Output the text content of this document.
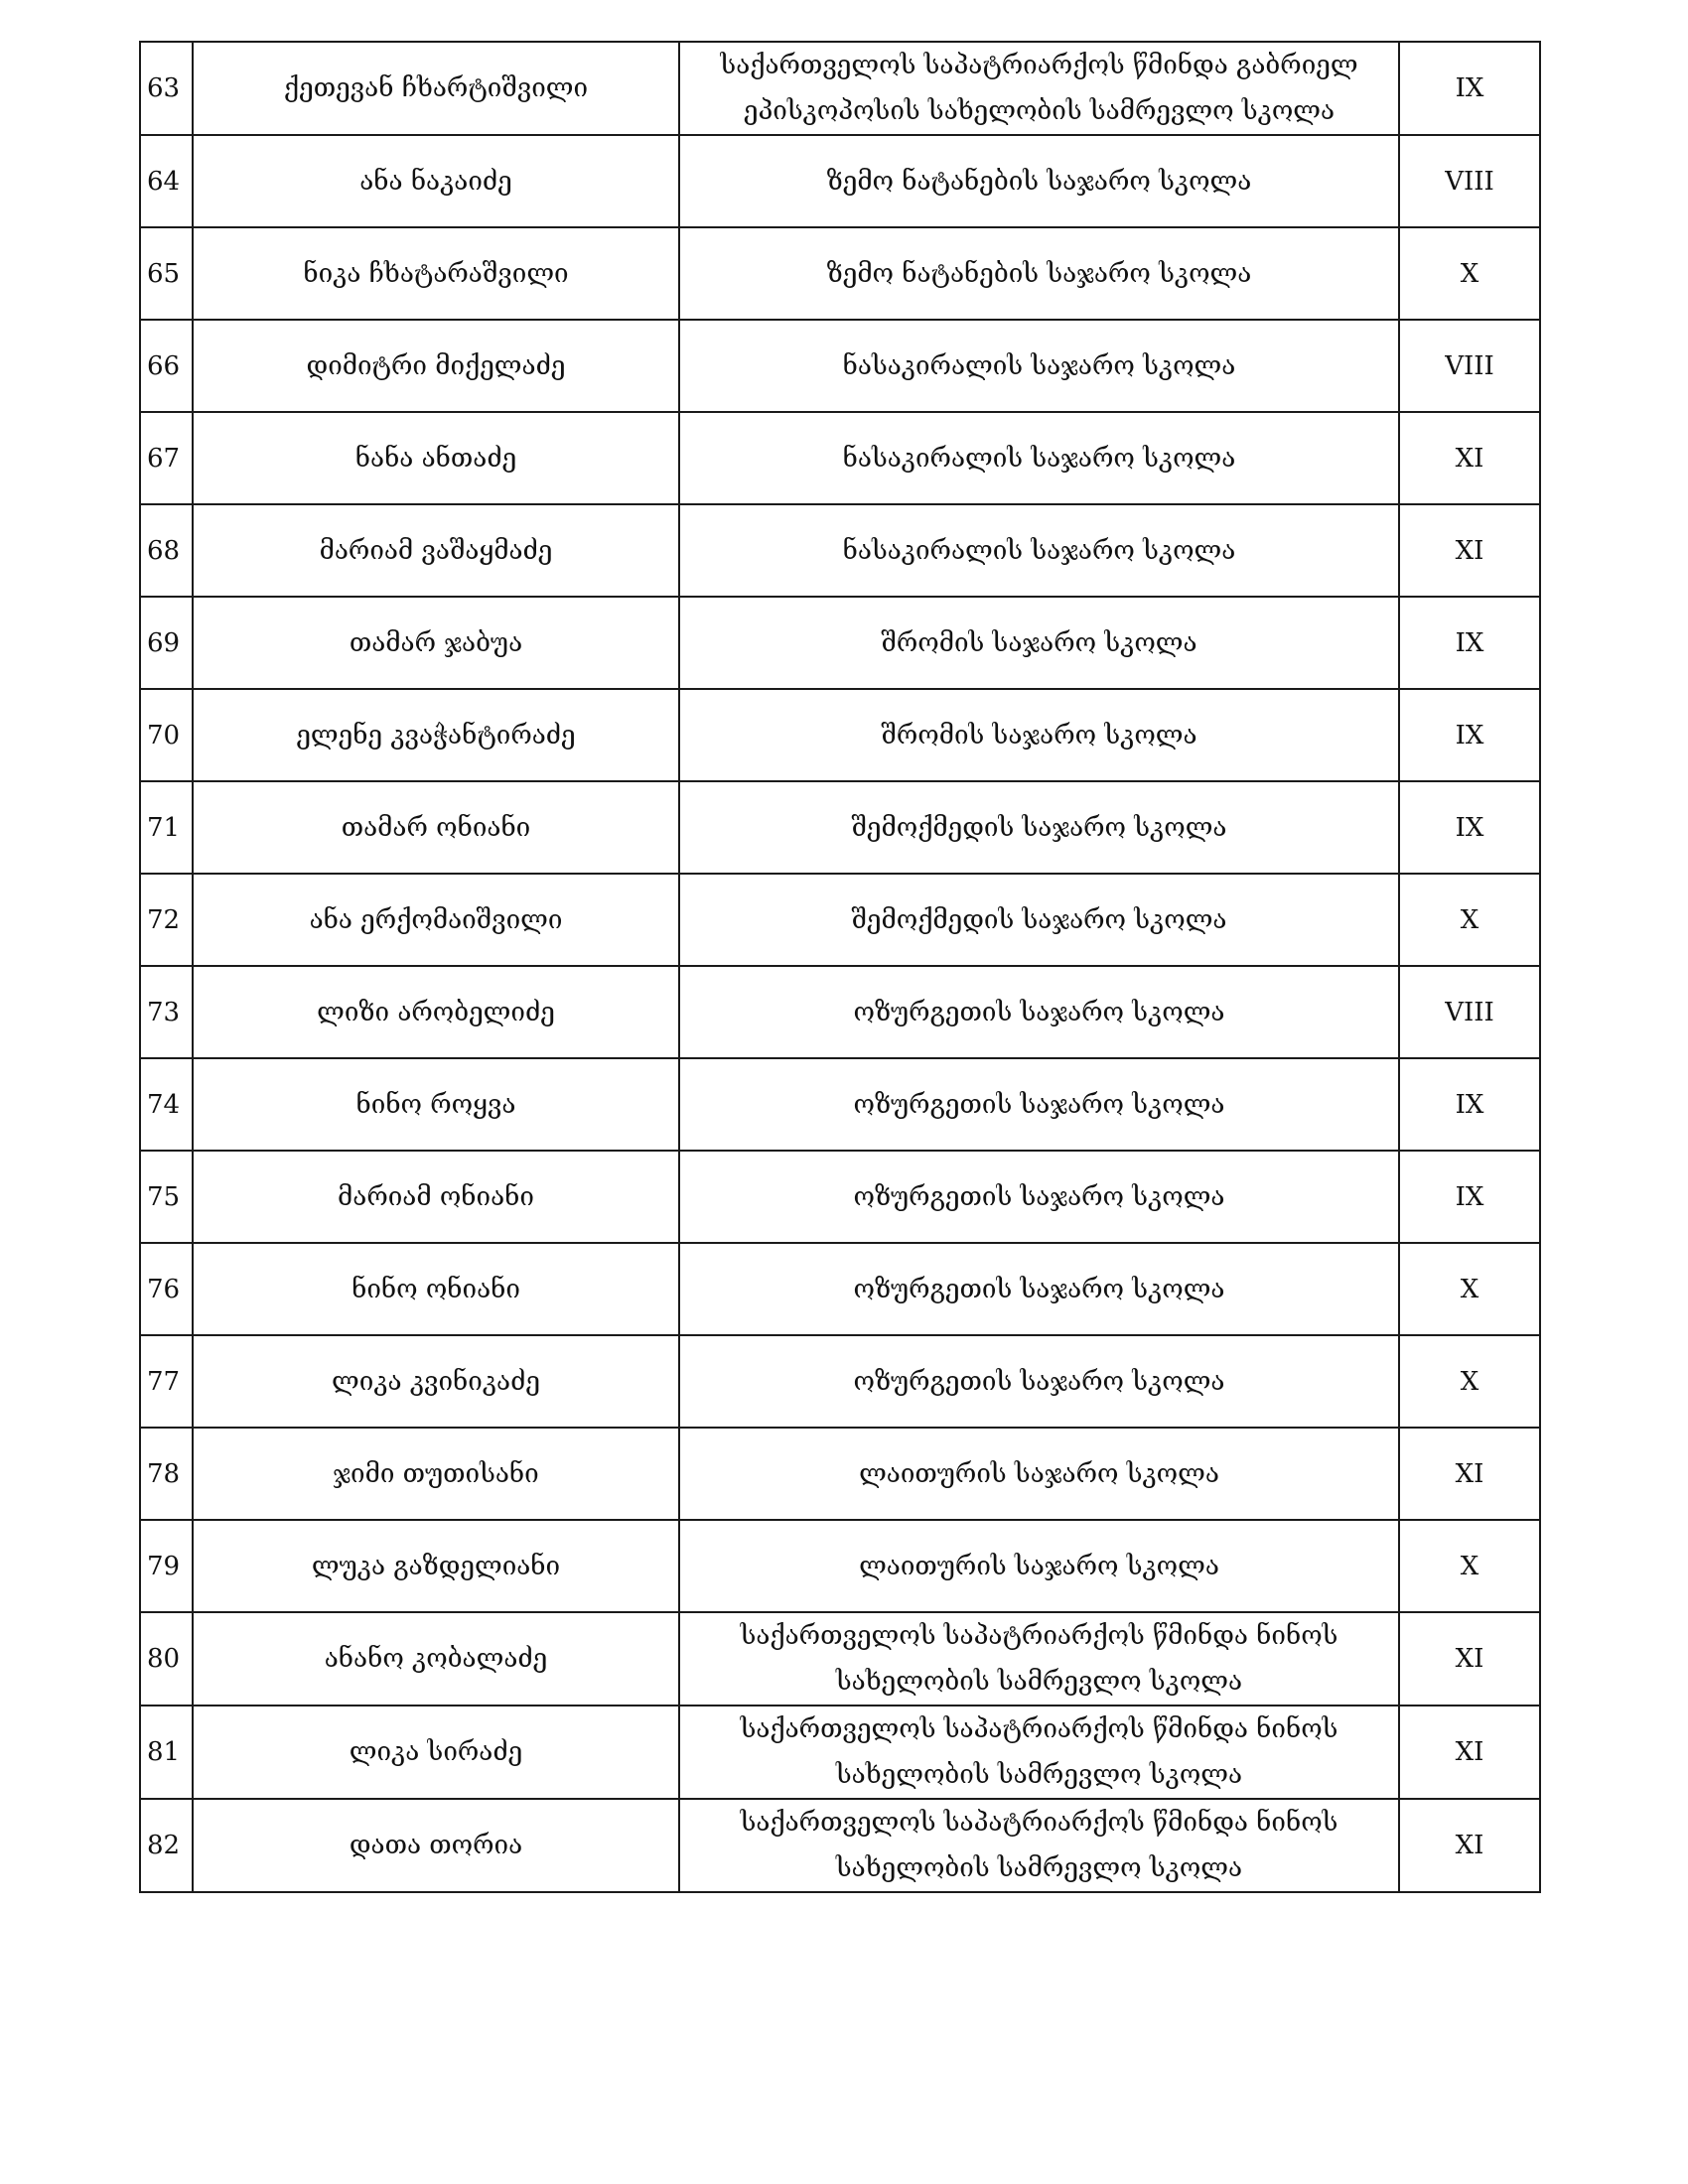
63	ქეთევან ჩხარტიშვილი	საქართველოს საპატრიარქოს წმინდა გაბრიელ
ეპისკოპოსის სახელობის სამრევლო სკოლა	IX
64	ანა ნაკაიძე	ზემო ნატანების საჯარო სკოლა	VIII
65	ნიკა ჩხატარაშვილი	ზემო ნატანების საჯარო სკოლა	X
66	დიმიტრი მიქელაძე	ნასაკირალის საჯარო სკოლა	VIII
67	ნანა ანთაძე	ნასაკირალის საჯარო სკოლა	XI
68	მარიამ ვაშაყმაძე	ნასაკირალის საჯარო სკოლა	XI
69	თამარ ჯაბუა	შრომის საჯარო სკოლა	IX
70	ელენე კვაჭანტირაძე	შრომის საჯარო სკოლა	IX
71	თამარ ონიანი	შემოქმედის საჯარო სკოლა	IX
72	ანა ერქომაიშვილი	შემოქმედის საჯარო სკოლა	X
73	ლიზი არობელიძე	ოზურგეთის საჯარო სკოლა	VIII
74	ნინო როყვა	ოზურგეთის საჯარო სკოლა	IX
75	მარიამ ონიანი	ოზურგეთის საჯარო სკოლა	IX
76	ნინო ონიანი	ოზურგეთის საჯარო სკოლა	X
77	ლიკა კვინიკაძე	ოზურგეთის საჯარო სკოლა	X
78	ჯიმი თუთისანი	ლაითურის საჯარო სკოლა	XI
79	ლუკა გაზდელიანი	ლაითურის საჯარო სკოლა	X
80	ანანო კობალაძე	საქართველოს საპატრიარქოს წმინდა ნინოს
სახელობის სამრევლო სკოლა	XI
81	ლიკა სირაძე	საქართველოს საპატრიარქოს წმინდა ნინოს
სახელობის სამრევლო სკოლა	XI
82	დათა თორია	საქართველოს საპატრიარქოს წმინდა ნინოს
სახელობის სამრევლო სკოლა	XI
